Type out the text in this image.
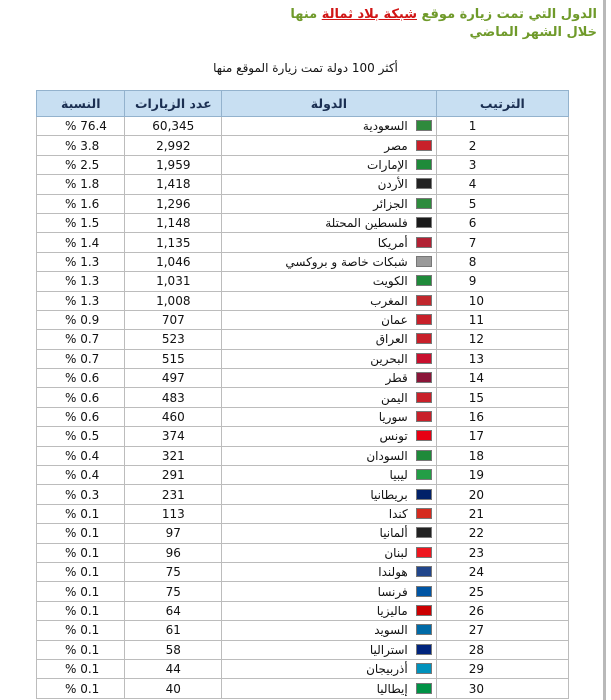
الدول التي تمت زيارة موقع شبكة بلاد ثمالة منها
خلال الشهر الماضي
أكثر 100 دولة تمت زيارة الموقع منها
النسبة	عدد الزيارات	الدولة	الترتيب
% 76.4	60,345	السعودية	1
% 3.8	2,992	مصر	2
% 2.5	1,959	الإمارات	3
% 1.8	1,418	الأردن	4
% 1.6	1,296	الجزائر	5
% 1.5	1,148	فلسطين المحتلة	6
% 1.4	1,135	أمريكا	7
% 1.3	1,046	شبكات خاصة و بروكسي	8
% 1.3	1,031	الكويت	9
% 1.3	1,008	المغرب	10
% 0.9	707	عمان	11
% 0.7	523	العراق	12
% 0.7	515	البحرين	13
% 0.6	497	قطر	14
% 0.6	483	اليمن	15
% 0.6	460	سوريا	16
% 0.5	374	تونس	17
% 0.4	321	السودان	18
% 0.4	291	ليبيا	19
% 0.3	231	بريطانيا	20
% 0.1	113	كندا	21
% 0.1	97	ألمانيا	22
% 0.1	96	لبنان	23
% 0.1	75	هولندا	24
% 0.1	75	فرنسا	25
% 0.1	64	ماليزيا	26
% 0.1	61	السويد	27
% 0.1	58	استراليا	28
% 0.1	44	أذربيجان	29
% 0.1	40	إيطاليا	30
